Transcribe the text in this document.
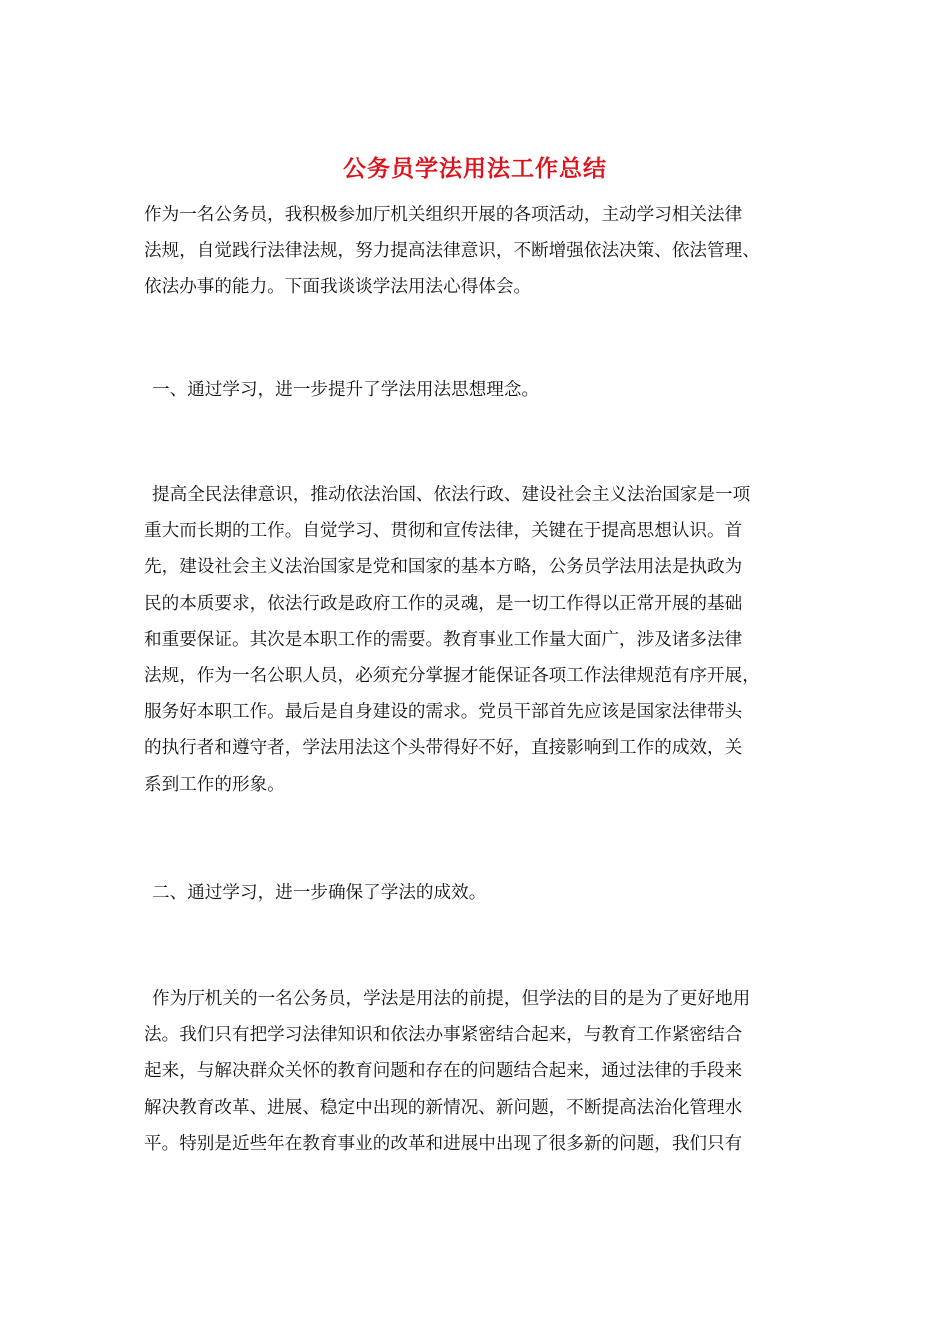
公务员学法用法工作总结

作为一名公务员，我积极参加厅机关组织开展的各项活动，主动学习相关法律
法规，自觉践行法律法规，努力提高法律意识，不断增强依法决策、依法管理、
依法办事的能力。下面我谈谈学法用法心得体会。

一、通过学习，进一步提升了学法用法思想理念。

提高全民法律意识，推动依法治国、依法行政、建设社会主义法治国家是一项
重大而长期的工作。自觉学习、贯彻和宣传法律，关键在于提高思想认识。首
先，建设社会主义法治国家是党和国家的基本方略，公务员学法用法是执政为
民的本质要求，依法行政是政府工作的灵魂，是一切工作得以正常开展的基础
和重要保证。其次是本职工作的需要。教育事业工作量大面广，涉及诸多法律
法规，作为一名公职人员，必须充分掌握才能保证各项工作法律规范有序开展，
服务好本职工作。最后是自身建设的需求。党员干部首先应该是国家法律带头
的执行者和遵守者，学法用法这个头带得好不好，直接影响到工作的成效，关
系到工作的形象。

二、通过学习，进一步确保了学法的成效。

作为厅机关的一名公务员，学法是用法的前提，但学法的目的是为了更好地用
法。我们只有把学习法律知识和依法办事紧密结合起来，与教育工作紧密结合
起来，与解决群众关怀的教育问题和存在的问题结合起来，通过法律的手段来
解决教育改革、进展、稳定中出现的新情况、新问题，不断提高法治化管理水
平。特别是近些年在教育事业的改革和进展中出现了很多新的问题，我们只有
